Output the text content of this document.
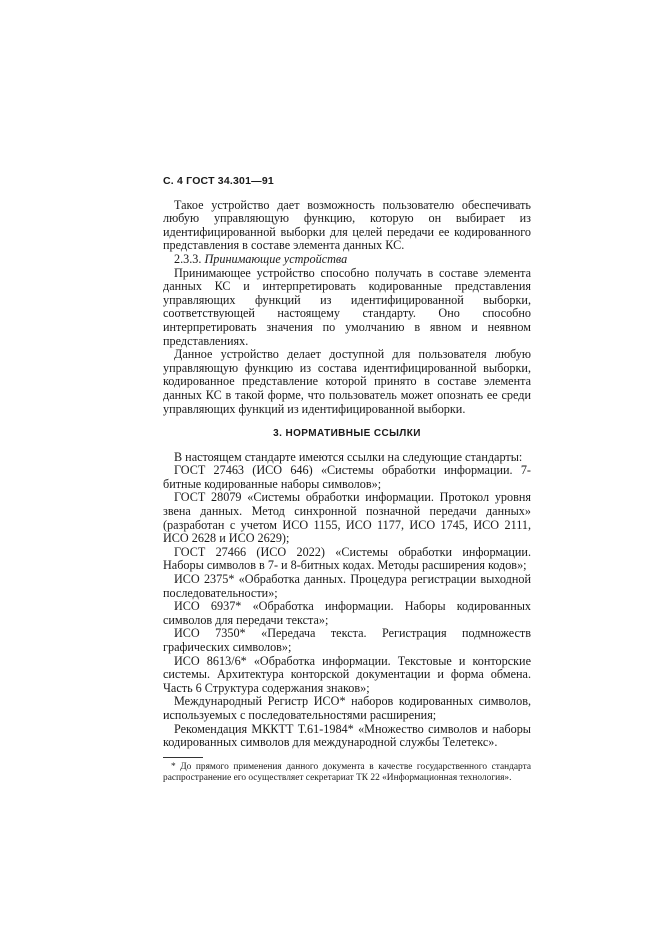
С. 4 ГОСТ 34.301—91

Такое устройство дает возможность пользователю обеспечивать любую управляющую функцию, которую он выбирает из идентифицированной выборки для целей передачи ее кодированного представления в составе элемента данных КС.

2.3.3. Принимающие устройства

Принимающее устройство способно получать в составе элемента данных КС и интерпретировать кодированные представления управляющих функций из идентифицированной выборки, соответствующей настоящему стандарту. Оно способно интерпретировать значения по умолчанию в явном и неявном представлениях.

Данное устройство делает доступной для пользователя любую управляющую функцию из состава идентифицированной выборки, кодированное представление которой принято в составе элемента данных КС в такой форме, что пользователь может опознать ее среди управляющих функций из идентифицированной выборки.

3. НОРМАТИВНЫЕ ССЫЛКИ

В настоящем стандарте имеются ссылки на следующие стандарты:

ГОСТ 27463 (ИСО 646) «Системы обработки информации. 7-битные кодированные наборы символов»;

ГОСТ 28079 «Системы обработки информации. Протокол уровня звена данных. Метод синхронной позначной передачи данных» (разработан с учетом ИСО 1155, ИСО 1177, ИСО 1745, ИСО 2111, ИСО 2628 и ИСО 2629);

ГОСТ 27466 (ИСО 2022) «Системы обработки информации. Наборы символов в 7- и 8-битных кодах. Методы расширения кодов»;

ИСО 2375* «Обработка данных. Процедура регистрации выходной последовательности»;

ИСО 6937* «Обработка информации. Наборы кодированных символов для передачи текста»;

ИСО 7350* «Передача текста. Регистрация подмножеств графических символов»;

ИСО 8613/6* «Обработка информации. Текстовые и конторские системы. Архитектура конторской документации и форма обмена. Часть 6 Структура содержания знаков»;

Международный Регистр ИСО* наборов кодированных символов, используемых с последовательностями расширения;

Рекомендация МККТТ Т.61-1984* «Множество символов и наборы кодированных символов для международной службы Телетекс».

* До прямого применения данного документа в качестве государственного стандарта распространение его осуществляет секретариат ТК 22 «Информационная технология».
